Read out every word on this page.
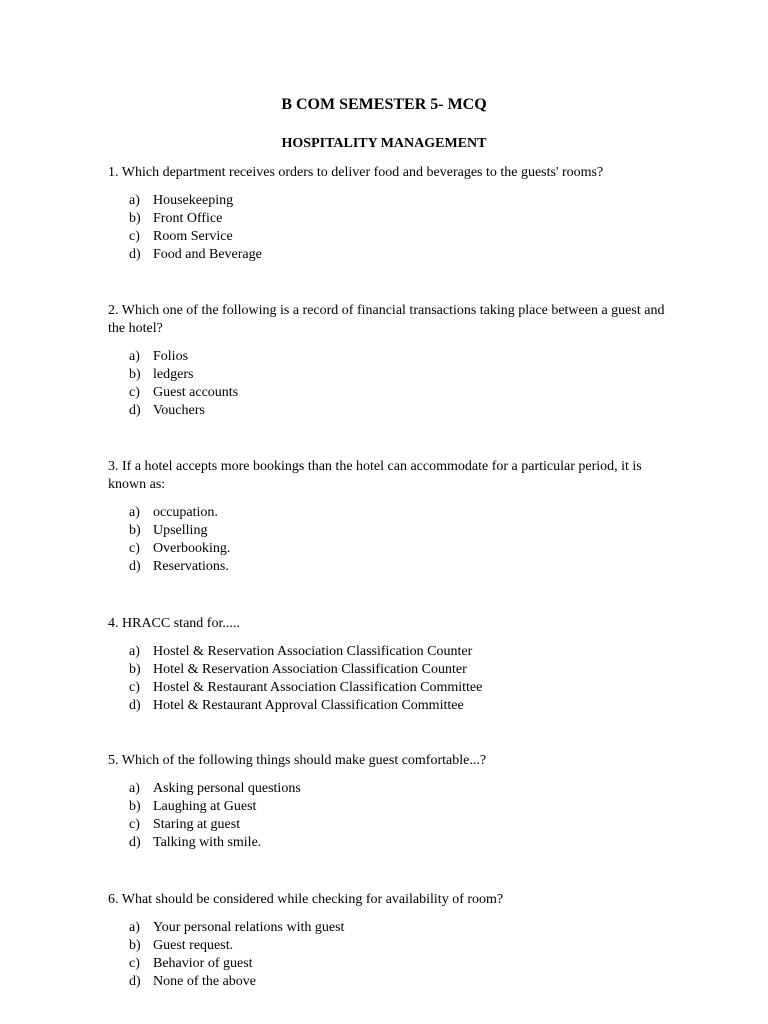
B COM SEMESTER 5- MCQ
HOSPITALITY MANAGEMENT

1. Which department receives orders to deliver food and beverages to the guests' rooms?

a) Housekeeping
b) Front Office
c) Room Service
d) Food and Beverage

2. Which one of the following is a record of financial transactions taking place between a guest and the hotel?

a) Folios
b) ledgers
c) Guest accounts
d) Vouchers

3. If a hotel accepts more bookings than the hotel can accommodate for a particular period, it is known as:

a) occupation.
b) Upselling
c) Overbooking.
d) Reservations.

4. HRACC stand for.....

a) Hostel & Reservation Association Classification Counter
b) Hotel & Reservation Association Classification Counter
c) Hostel & Restaurant Association Classification Committee
d) Hotel & Restaurant Approval Classification Committee

5. Which of the following things should make guest comfortable...?

a) Asking personal questions
b) Laughing at Guest
c) Staring at guest
d) Talking with smile.

6. What should be considered while checking for availability of room?

a) Your personal relations with guest
b) Guest request.
c) Behavior of guest
d) None of the above
